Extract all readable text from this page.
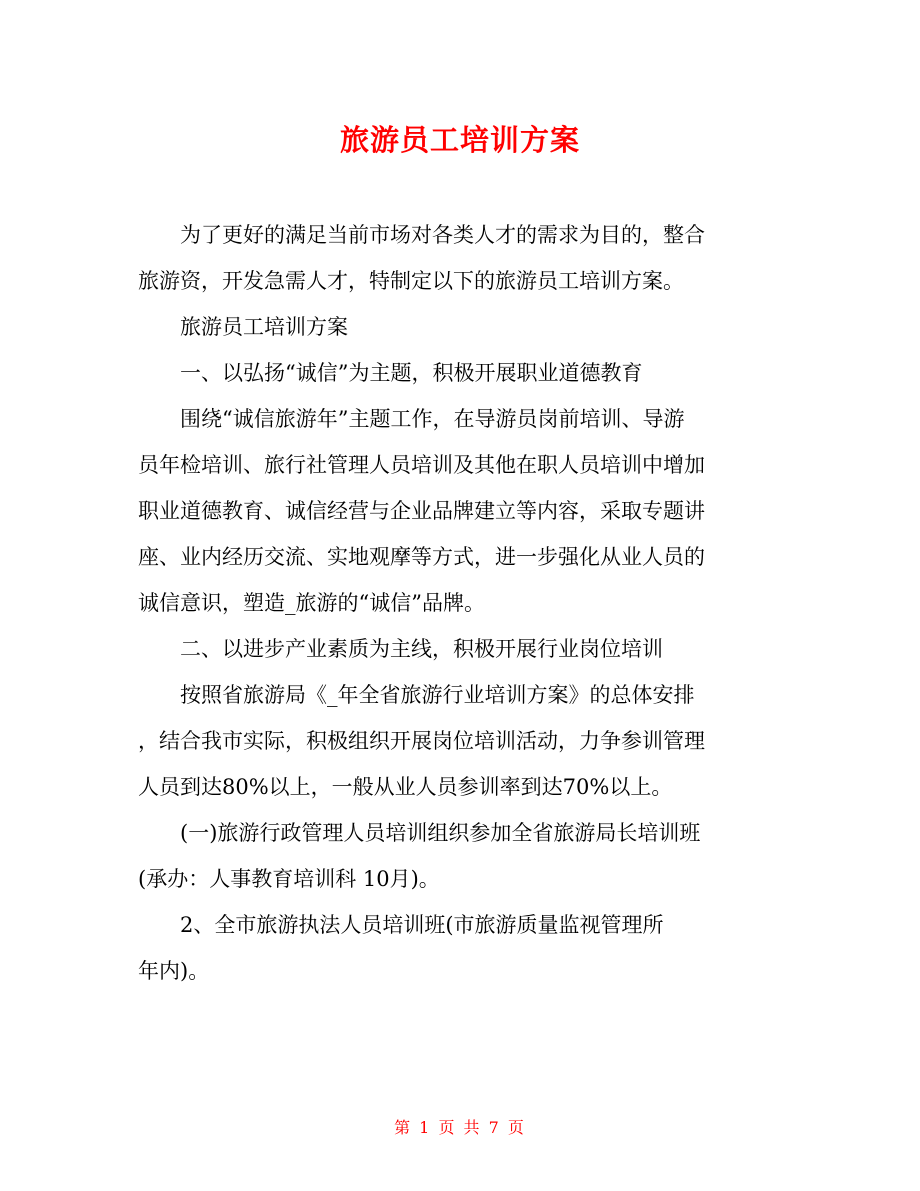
旅游员工培训方案
为了更好的满足当前市场对各类人才的需求为目的，整合
旅游资，开发急需人才，特制定以下的旅游员工培训方案。
旅游员工培训方案
一、以弘扬“诚信”为主题，积极开展职业道德教育
围绕“诚信旅游年”主题工作，在导游员岗前培训、导游
员年检培训、旅行社管理人员培训及其他在职人员培训中增加
职业道德教育、诚信经营与企业品牌建立等内容，采取专题讲
座、业内经历交流、实地观摩等方式，进一步强化从业人员的
诚信意识，塑造_旅游的“诚信”品牌。
二、以进步产业素质为主线，积极开展行业岗位培训
按照省旅游局《_年全省旅游行业培训方案》的总体安排
，结合我市实际，积极组织开展岗位培训活动，力争参训管理
人员到达80%以上，一般从业人员参训率到达70%以上。
(一)旅游行政管理人员培训组织参加全省旅游局长培训班
(承办：人事教育培训科 10月)。
2、全市旅游执法人员培训班(市旅游质量监视管理所
年内)。
第 1 页 共 7 页
